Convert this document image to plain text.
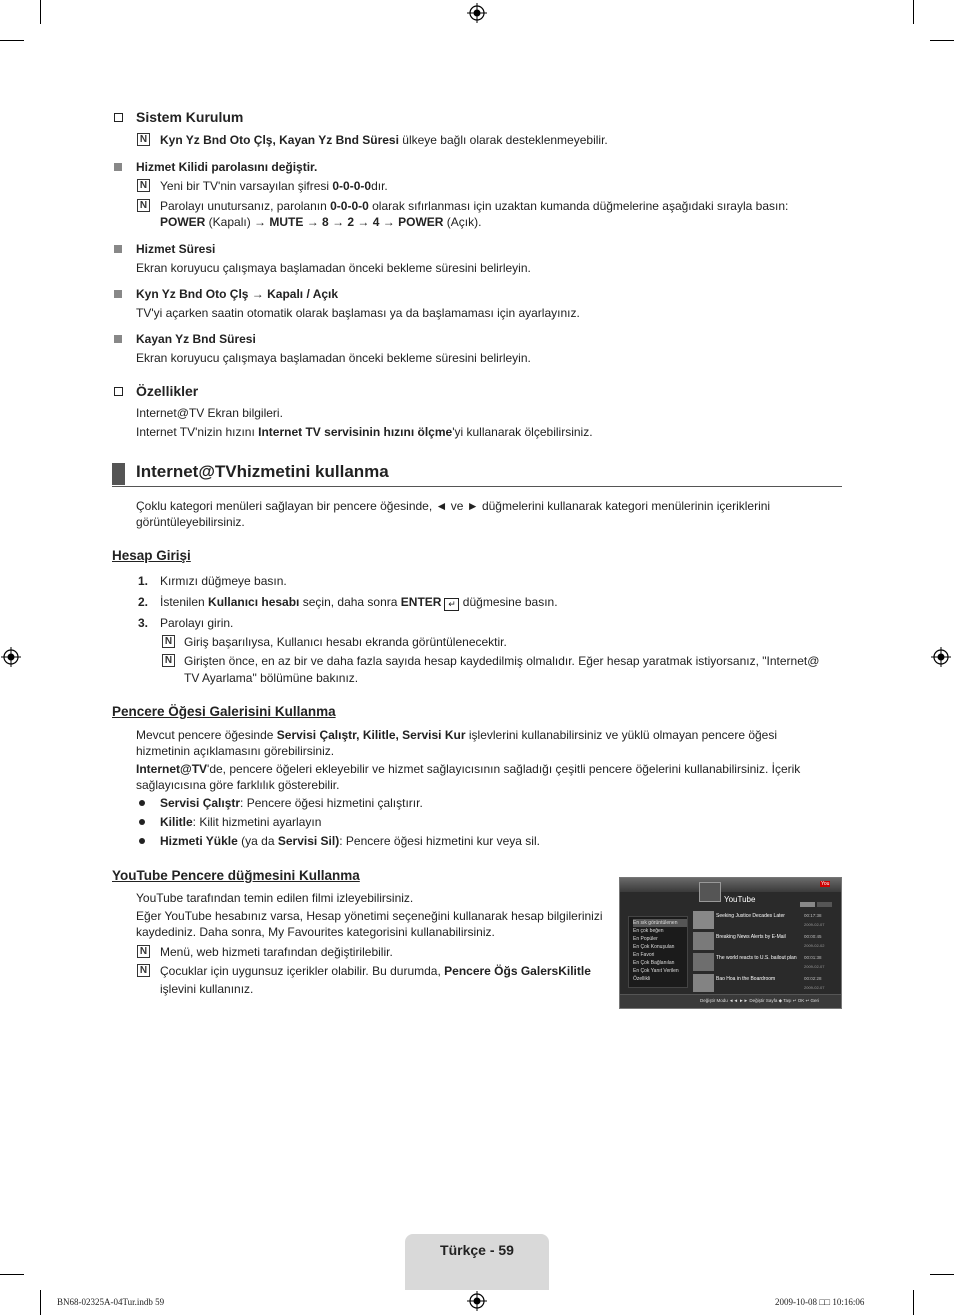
Sistem Kurulum
N Kyn Yz Bnd Oto Çlş, Kayan Yz Bnd Süresi ülkeye bağlı olarak desteklenmeyebilir.
Hizmet Kilidi parolasını değiştir.
N Yeni bir TV'nin varsayılan şifresi 0-0-0-0dır.
N Parolayı unutursanız, parolanın 0-0-0-0 olarak sıfırlanması için uzaktan kumanda düğmelerine aşağıdaki sırayla basın:
POWER (Kapalı) → MUTE → 8 → 2 → 4 → POWER (Açık).
Hizmet Süresi
Ekran koruyucu çalışmaya başlamadan önceki bekleme süresini belirleyin.
Kyn Yz Bnd Oto Çlş → Kapalı / Açık
TV'yi açarken saatin otomatik olarak başlaması ya da başlamaması için ayarlayınız.
Kayan Yz Bnd Süresi
Ekran koruyucu çalışmaya başlamadan önceki bekleme süresini belirleyin.
Özellikler
Internet@TV Ekran bilgileri.
Internet TV'nizin hızını Internet TV servisinin hızını ölçme'yi kullanarak ölçebilirsiniz.
Internet@TVhizmetini kullanma
Çoklu kategori menüleri sağlayan bir pencere öğesinde, ◄ ve ► düğmelerini kullanarak kategori menülerinin içeriklerini
görüntüleyebilirsiniz.
Hesap Girişi
1. Kırmızı düğmeye basın.
2. İstenilen Kullanıcı hesabı seçin, daha sonra ENTER ↵ düğmesine basın.
3. Parolayı girin.
N Giriş başarılıysa, Kullanıcı hesabı ekranda görüntülenecektir.
N Girişten önce, en az bir ve daha fazla sayıda hesap kaydedilmiş olmalıdır. Eğer hesap yaratmak istiyorsanız, "Internet@
TV Ayarlama" bölümüne bakınız.
Pencere Öğesi Galerisini Kullanma
Mevcut pencere öğesinde Servisi Çalıştr, Kilitle, Servisi Kur işlevlerini kullanabilirsiniz ve yüklü olmayan pencere öğesi
hizmetinin açıklamasını görebilirsiniz.
Internet@TV'de, pencere öğeleri ekleyebilir ve hizmet sağlayıcısının sağladığı çeşitli pencere öğelerini kullanabilirsiniz. İçerik
sağlayıcısına göre farklılık gösterebilir.
Servisi Çalıştr: Pencere öğesi hizmetini çalıştırır.
Kilitle: Kilit hizmetini ayarlayın
Hizmeti Yükle (ya da Servisi Sil): Pencere öğesi hizmetini kur veya sil.
YouTube Pencere düğmesini Kullanma
YouTube tarafından temin edilen filmi izleyebilirsiniz.
Eğer YouTube hesabınız varsa, Hesap yönetimi seçeneğini kullanarak hesap bilgilerinizi
kaydediniz. Daha sonra, My Favourites kategorisini kullanabilirsiniz.
N Menü, web hizmeti tarafından değiştirilebilir.
N Çocuklar için uygunsuz içerikler olabilir. Bu durumda, Pencere Öğs GalersKilitle
işlevini kullanınız.
YouTube
You
En sık görüntülenen
En çok beğen
En Popüler
En Çok Konuşulan
En Favori
En Çok Bağlanılan
En Çok Yanıt Verilen
Özellikli
Değiştir Modu ◄◄ ►► Değiştir Sayfa ◆ Taşı ↵ OK ↩ Geri
Seeking Justice Decades Later	00:17:38
2009-02-07
Breaking News Alerts by E-Mail	00:00:45
2009-02-02
The world reacts to U.S. bailout plan 00:01:38
2009-02-07
Bao Hoa in the Boardroom	00:02:28
2009-02-07
Türkçe - 59
BN68-02325A-04Tur.indb 59	2009-10-08 □□ 10:16:06
